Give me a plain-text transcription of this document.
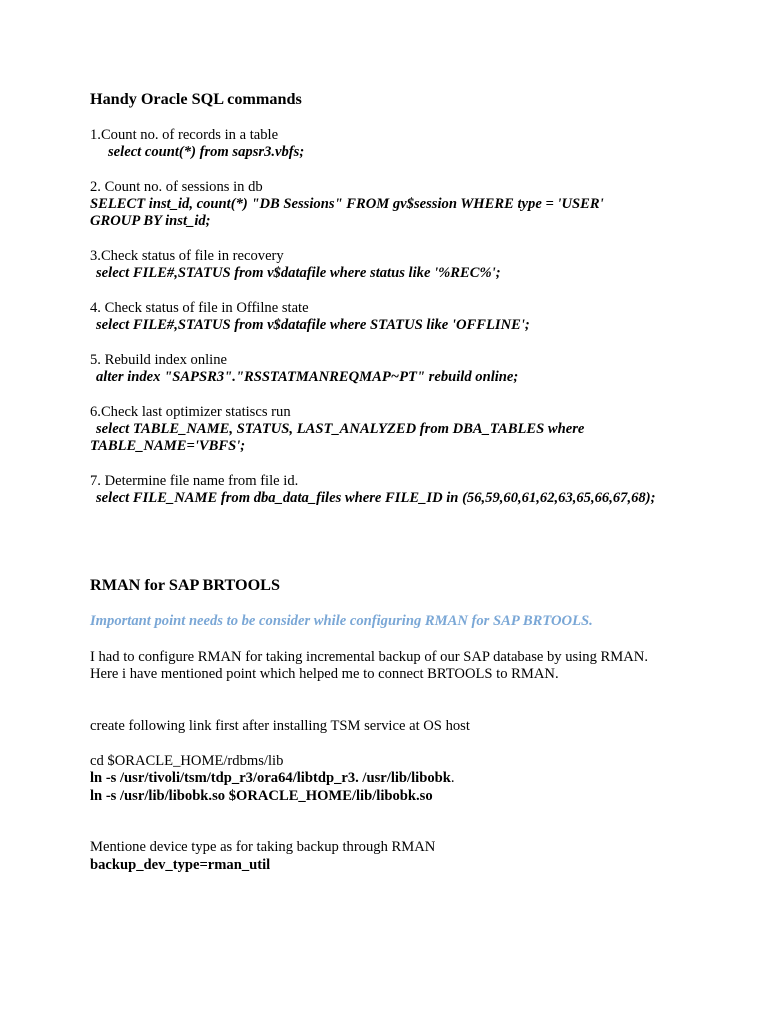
Handy Oracle SQL commands
1.Count no. of records in a table
select count(*) from sapsr3.vbfs;
2. Count no. of sessions in db
SELECT inst_id, count(*) "DB Sessions" FROM gv$session WHERE type = 'USER'
GROUP BY inst_id;
3.Check status of file in recovery
select FILE#,STATUS from v$datafile where status like '%REC%';
4. Check status of file in Offilne state
select FILE#,STATUS from v$datafile where STATUS like 'OFFLINE';
5. Rebuild index online
alter index "SAPSR3"."RSSTATMANREQMAP~PT" rebuild online;
6.Check last optimizer statiscs run
select TABLE_NAME, STATUS, LAST_ANALYZED from DBA_TABLES where
TABLE_NAME='VBFS';
7. Determine file name from file id.
select FILE_NAME from dba_data_files where FILE_ID in (56,59,60,61,62,63,65,66,67,68);
RMAN for SAP BRTOOLS
Important point needs to be consider while configuring RMAN for SAP BRTOOLS.
I had to configure RMAN for taking incremental backup of our SAP database by using RMAN.
Here i have mentioned point which helped me to connect BRTOOLS to RMAN.
create following link first after installing TSM service at OS host
cd $ORACLE_HOME/rdbms/lib
ln -s /usr/tivoli/tsm/tdp_r3/ora64/libtdp_r3. /usr/lib/libobk.
ln -s /usr/lib/libobk.so $ORACLE_HOME/lib/libobk.so
Mentione device type as for taking backup through RMAN
backup_dev_type=rman_util
